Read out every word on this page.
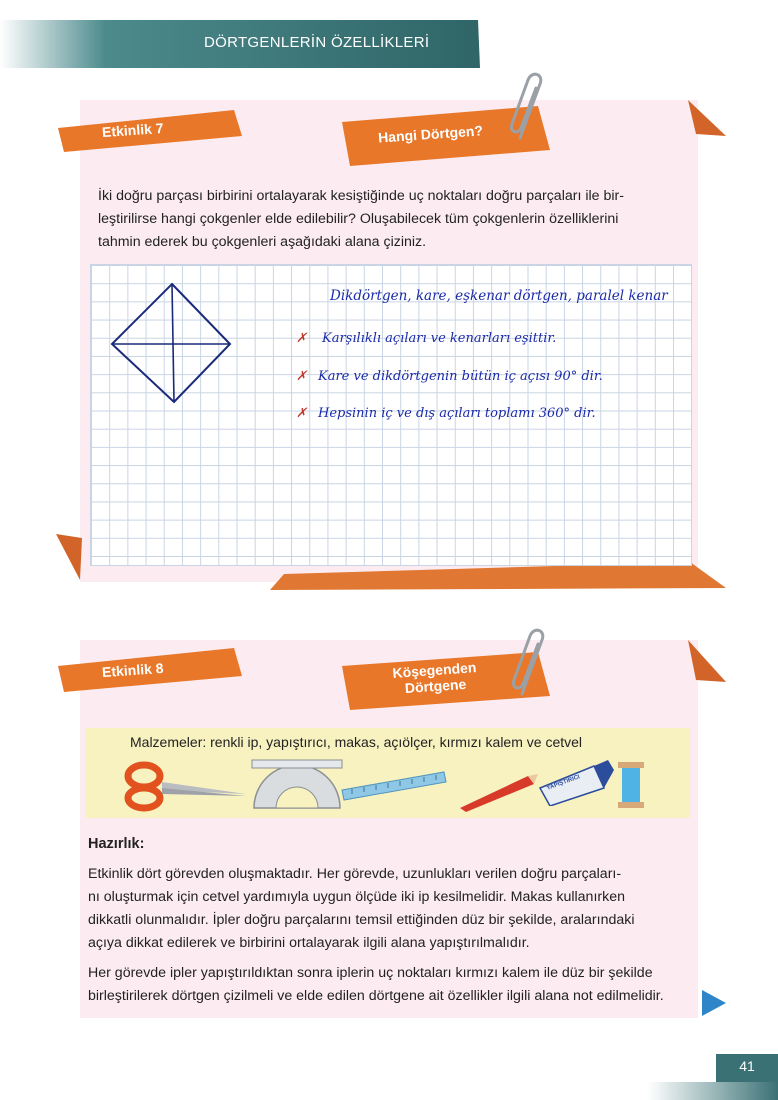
DÖRTGENLERİN ÖZELLİKLERİ
Etkinlik 7	Hangi Dörtgen?
İki doğru parçası birbirini ortalayarak kesiştiğinde uç noktaları doğru parçaları ile bir-
leştirilirse hangi çokgenler elde edilebilir? Oluşabilecek tüm çokgenlerin özelliklerini
tahmin ederek bu çokgenleri aşağıdaki alana çiziniz.
Dikdörtgen, kare, eşkenar dörtgen, paralel kenar
✗ Karşılıklı açıları ve kenarları eşittir.
✗ Kare ve dikdörtgenin bütün iç açısı 90° dir.
✗ Hepsinin iç ve dış açıları toplamı 360° dir.
Etkinlik 8	Köşegenden
Dörtgene
Malzemeler: renkli ip, yapıştırıcı, makas, açıölçer, kırmızı kalem ve cetvel
YAPIŞTIRICI
Hazırlık:
Etkinlik dört görevden oluşmaktadır. Her görevde, uzunlukları verilen doğru parçaları-
nı oluşturmak için cetvel yardımıyla uygun ölçüde iki ip kesilmelidir. Makas kullanırken
dikkatli olunmalıdır. İpler doğru parçalarını temsil ettiğinden düz bir şekilde, aralarındaki
açıya dikkat edilerek ve birbirini ortalayarak ilgili alana yapıştırılmalıdır.
Her görevde ipler yapıştırıldıktan sonra iplerin uç noktaları kırmızı kalem ile düz bir şekilde
birleştirilerek dörtgen çizilmeli ve elde edilen dörtgene ait özellikler ilgili alana not edilmelidir.
41
